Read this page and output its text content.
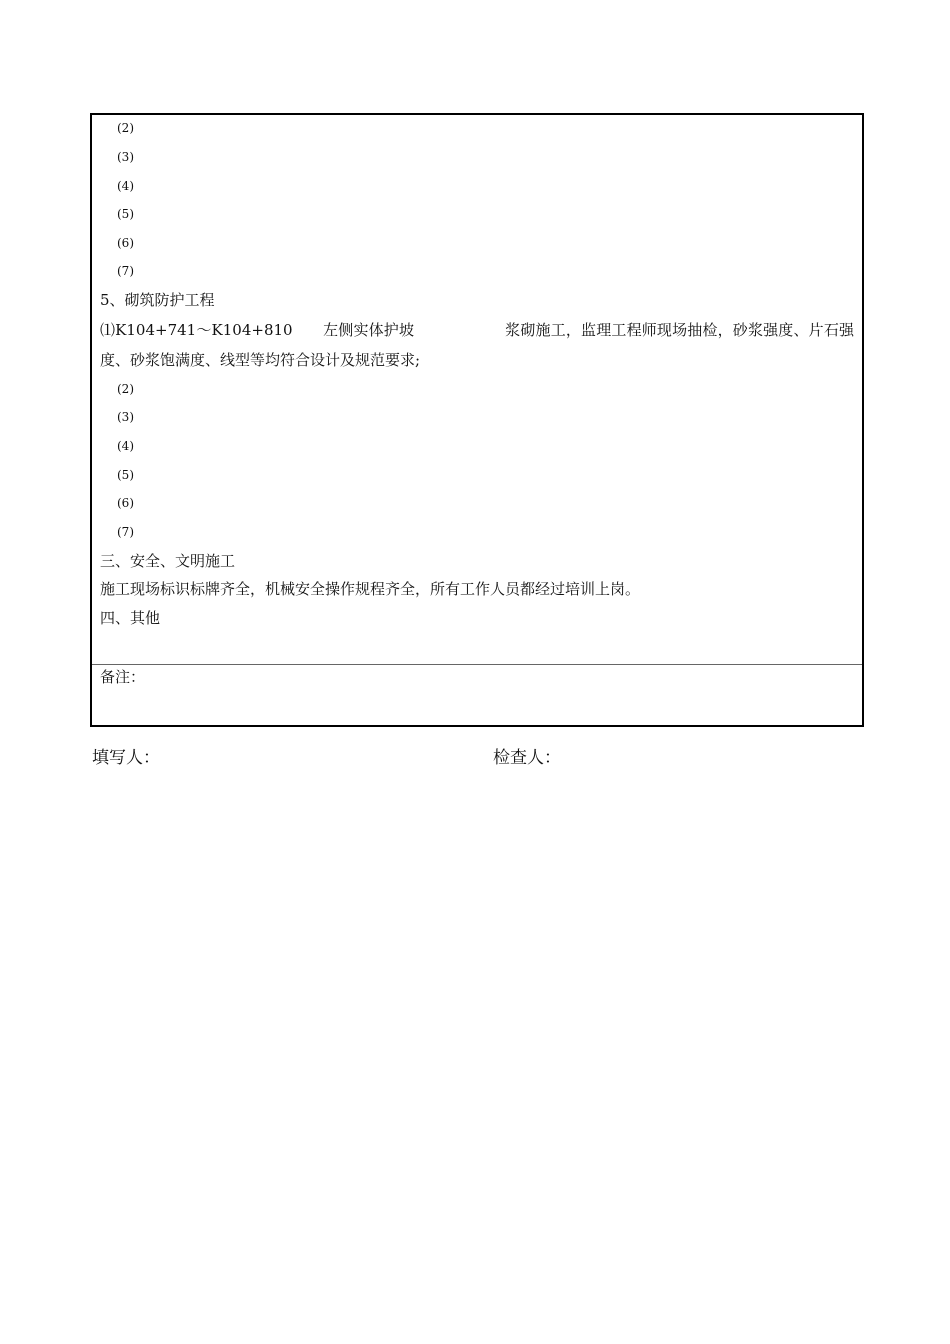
(2)
(3)
(4)
(5)
(6)
(7)
5、砌筑防护工程
⑴K104+741～K104+810　　左侧实体护坡　　　　　　浆砌施工，监理工程师现场抽检，砂浆强度、片石强
度、砂浆饱满度、线型等均符合设计及规范要求;
(2)
(3)
(4)
(5)
(6)
(7)
三、安全、文明施工
施工现场标识标牌齐全，机械安全操作规程齐全，所有工作人员都经过培训上岗。
四、其他
备注：
填写人：	检查人：
